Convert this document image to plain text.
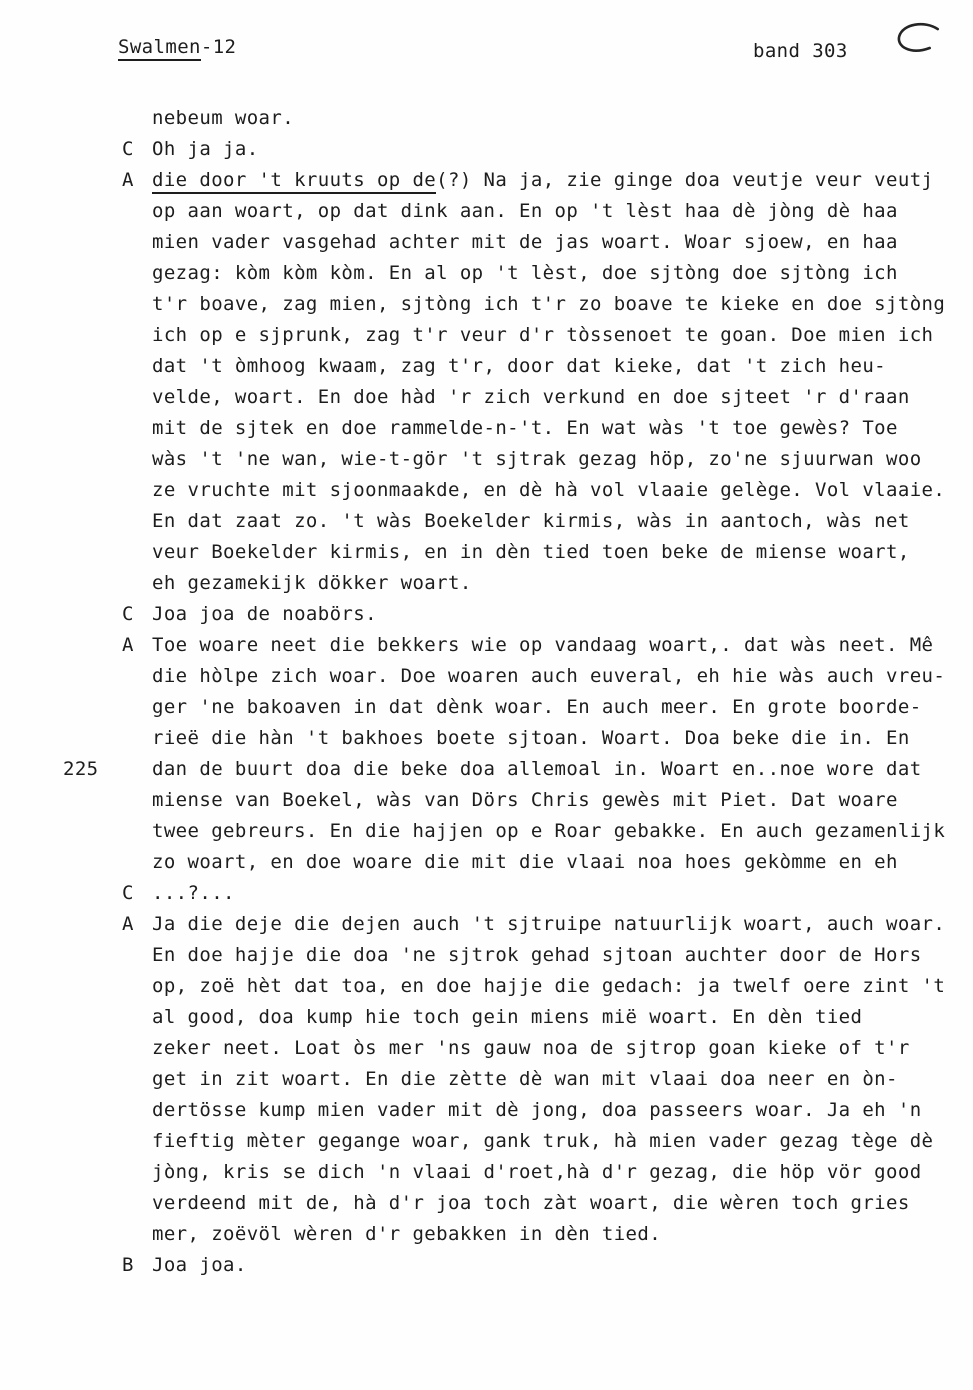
Swalmen-12	band 303
nebeum woar.
C Oh ja ja.
A die door 't kruuts op de(?) Na ja, zie ginge doa veutje veur veutj
op aan woart, op dat dink aan. En op 't lèst haa dè jòng dè haa
mien vader vasgehad achter mit de jas woart. Woar sjoew, en haa
gezag: kòm kòm kòm. En al op 't lèst, doe sjtòng doe sjtòng ich
t'r boave, zag mien, sjtòng ich t'r zo boave te kieke en doe sjtòng
ich op e sjprunk, zag t'r veur d'r tòssenoet te goan. Doe mien ich
dat 't òmhoog kwaam, zag t'r, door dat kieke, dat 't zich heu-
velde, woart. En doe hàd 'r zich verkund en doe sjteet 'r d'raan
mit de sjtek en doe rammelde-n-'t. En wat wàs 't toe gewès? Toe
wàs 't 'ne wan, wie-t-gör 't sjtrak gezag höp, zo'ne sjuurwan woo
ze vruchte mit sjoonmaakde, en dè hà vol vlaaie gelège. Vol vlaaie.
En dat zaat zo. 't wàs Boekelder kirmis, wàs in aantoch, wàs net
veur Boekelder kirmis, en in dèn tied toen beke de miense woart,
eh gezamekijk dökker woart.
C Joa joa de noabörs.
A Toe woare neet die bekkers wie op vandaag woart,. dat wàs neet. Mê
die hòlpe zich woar. Doe woaren auch euveral, eh hie wàs auch vreu-
ger 'ne bakoaven in dat dènk woar. En auch meer. En grote boorde-
rieë die hàn 't bakhoes boete sjtoan. Woart. Doa beke die in. En
225	dan de buurt doa die beke doa allemoal in. Woart en..noe wore dat
miense van Boekel, wàs van Dörs Chris gewès mit Piet. Dat woare
twee gebreurs. En die hajjen op e Roar gebakke. En auch gezamenlijk
zo woart, en doe woare die mit die vlaai noa hoes gekòmme en eh
C ...?...
A Ja die deje die dejen auch 't sjtruipe natuurlijk woart, auch woar.
En doe hajje die doa 'ne sjtrok gehad sjtoan auchter door de Hors
op, zoë hèt dat toa, en doe hajje die gedach: ja twelf oere zint 't
al good, doa kump hie toch gein miens mië woart. En dèn tied
zeker neet. Loat òs mer 'ns gauw noa de sjtrop goan kieke of t'r
get in zit woart. En die zètte dè wan mit vlaai doa neer en òn-
dertösse kump mien vader mit dè jong, doa passeers woar. Ja eh 'n
fieftig mèter gegange woar, gank truk, hà mien vader gezag tège dè
jòng, kris se dich 'n vlaai d'roet,hà d'r gezag, die höp vör good
verdeend mit de, hà d'r joa toch zàt woart, die wèren toch gries
mer, zoëvöl wèren d'r gebakken in dèn tied.
B Joa joa.
